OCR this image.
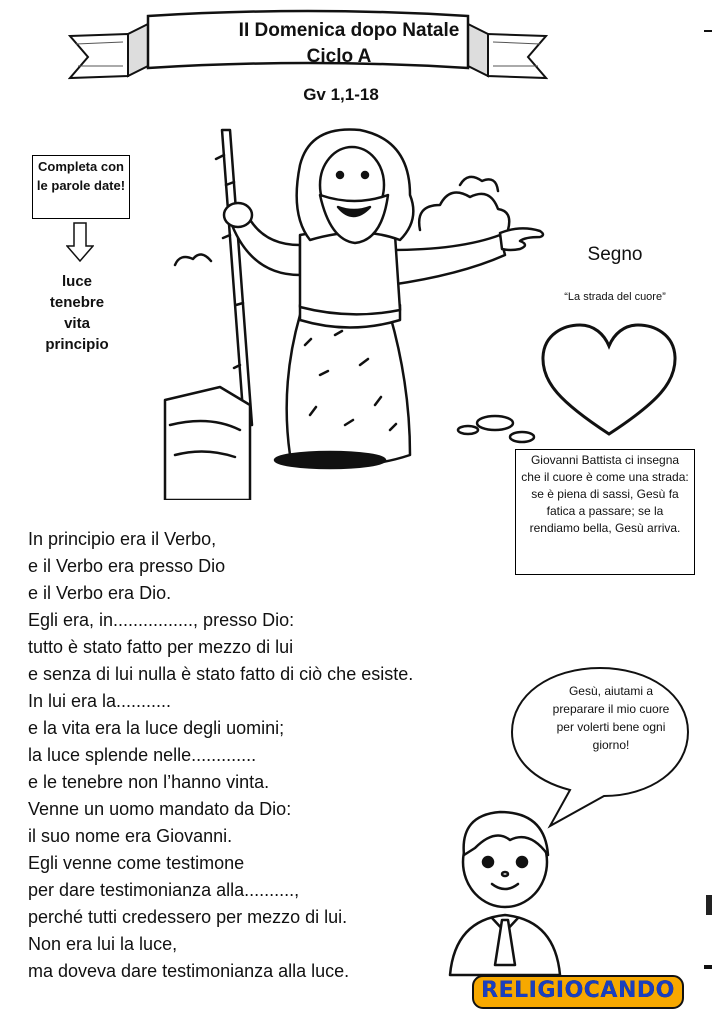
II Domenica dopo Natale
Ciclo A
Gv 1,1-18
Completa con le parole date!
luce
tenebre
vita
principio
Segno
“La strada del cuore”
Giovanni Battista ci insegna che il cuore è come una strada: se è piena di sassi, Gesù fa fatica a passare; se la rendiamo bella, Gesù arriva.
In principio era il Verbo,
e il Verbo era presso Dio
e il Verbo era Dio.
Egli era, in................, presso Dio:
tutto è stato fatto per mezzo di lui
e senza di lui nulla è stato fatto di ciò che esiste.
In lui era la...........
e la vita era la luce degli uomini;
la luce splende nelle.............
e le tenebre non l’hanno vinta.
Venne un uomo mandato da Dio:
il suo nome era Giovanni.
Egli venne come testimone
per dare testimonianza alla..........,
perché tutti credessero per mezzo di lui.
Non era lui la luce,
ma doveva dare testimonianza alla luce.
Gesù, aiutami a preparare il mio cuore per volerti bene ogni giorno!
RELIGIOCANDO
